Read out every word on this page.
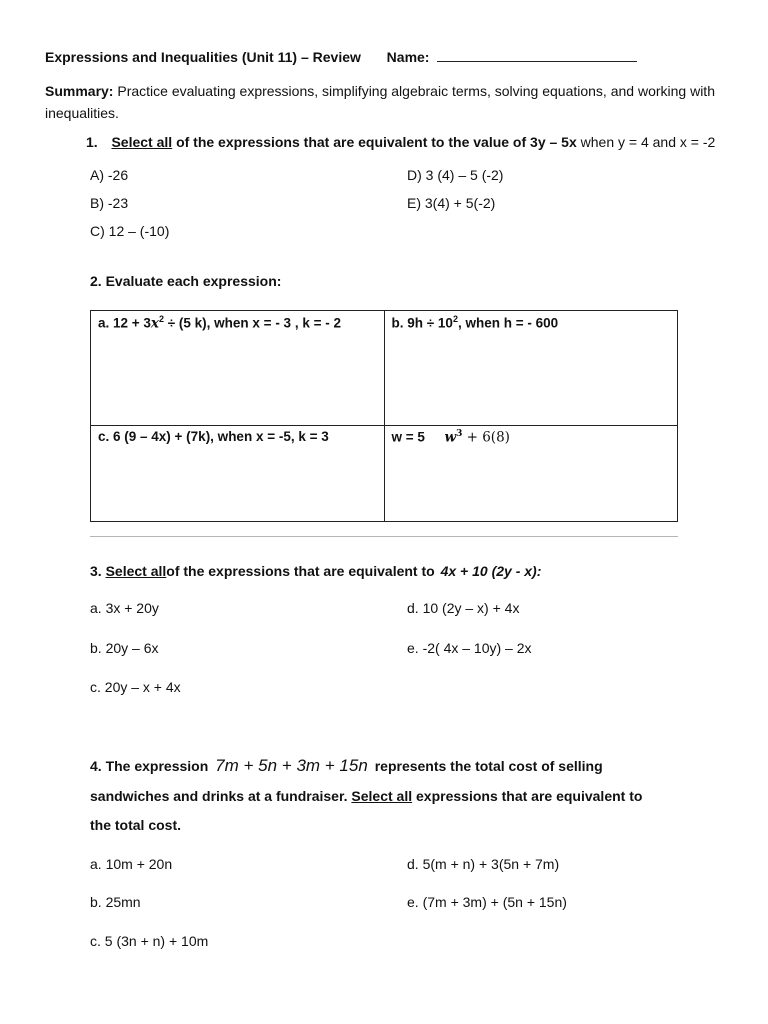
Expressions and Inequalities (Unit 11) – Review Name:
Summary: Practice evaluating expressions, simplifying algebraic terms, solving equations, and working with inequalities.
1. Select all of the expressions that are equivalent to the value of 3y – 5x when y = 4 and x = -2
A) -26
B) -23
C) 12 – (-10)
D) 3 (4) – 5 (-2)
E) 3(4) + 5(-2)
2. Evaluate each expression:
a. $12 + 3x^2 \div (5$ k), when x = - 3 , k = - 2	b. $9h \div 10^2$, when h = - 600
c. 6 (9 – 4x) + (7k), when x = -5, k = 3	w = 5 $w^3 + 6(8)$
3. Select allof the expressions that are equivalent to 4x + 10 (2y - x):
a. 3x + 20y
b. 20y – 6x
c. 20y – x + 4x
d. 10 (2y – x) + 4x
e. -2( 4x – 10y) – 2x
4. The expression 7m + 5n + 3m + 15n represents the total cost of selling
sandwiches and drinks at a fundraiser. Select all expressions that are equivalent to
the total cost.
a. 10m + 20n
b. 25mn
c. 5 (3n + n) + 10m
d. 5(m + n) + 3(5n + 7m)
e. (7m + 3m) + (5n + 15n)
